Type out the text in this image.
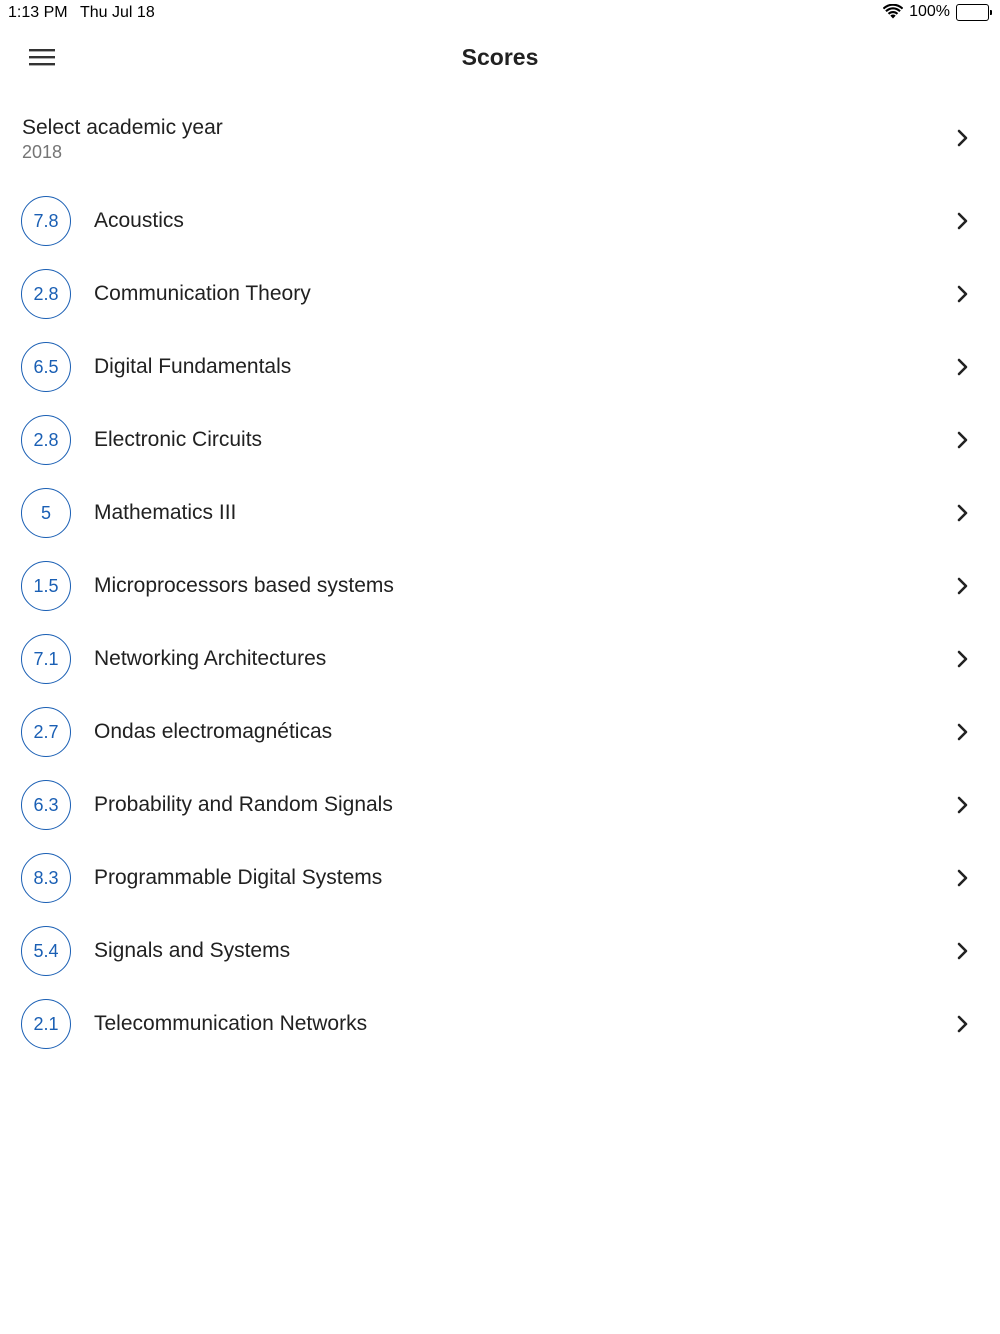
1:13 PM Thu Jul 18	100%
Scores
Select academic year
2018
7.8	Acoustics
2.8	Communication Theory
6.5	Digital Fundamentals
2.8	Electronic Circuits
5	Mathematics III
1.5	Microprocessors based systems
7.1	Networking Architectures
2.7	Ondas electromagnéticas
6.3	Probability and Random Signals
8.3	Programmable Digital Systems
5.4	Signals and Systems
2.1	Telecommunication Networks
